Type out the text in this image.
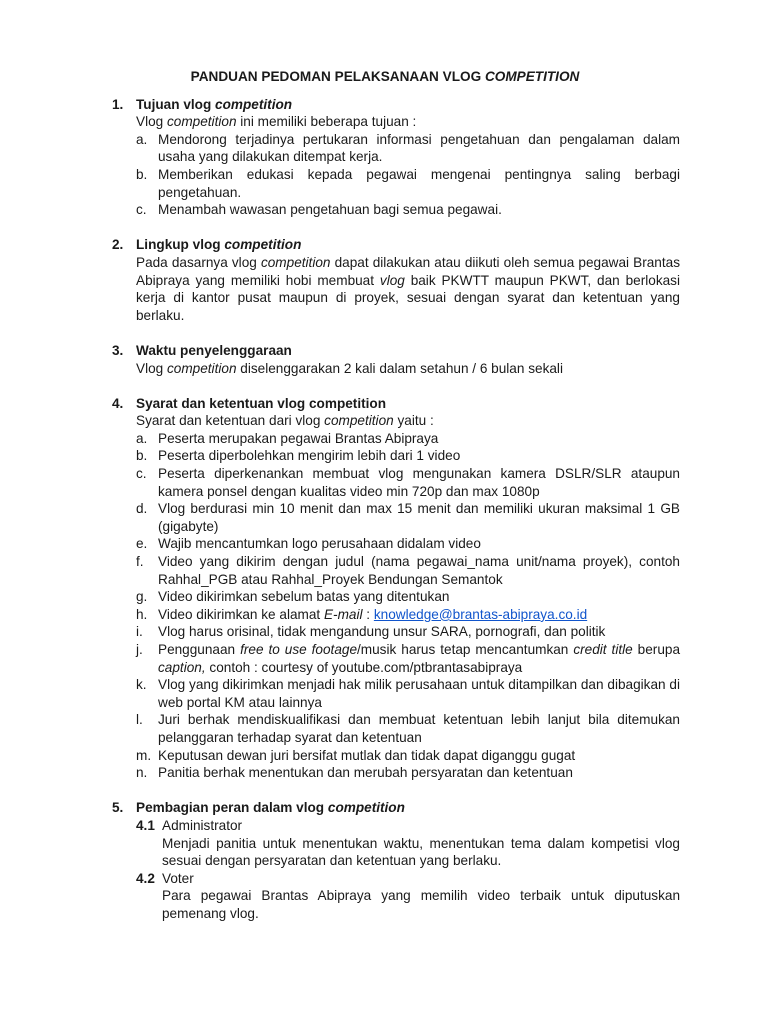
PANDUAN PEDOMAN PELAKSANAAN VLOG COMPETITION
1. Tujuan vlog competition
Vlog competition ini memiliki beberapa tujuan :
a. Mendorong terjadinya pertukaran informasi pengetahuan dan pengalaman dalam usaha yang dilakukan ditempat kerja.
b. Memberikan edukasi kepada pegawai mengenai pentingnya saling berbagi pengetahuan.
c. Menambah wawasan pengetahuan bagi semua pegawai.
2. Lingkup vlog competition
Pada dasarnya vlog competition dapat dilakukan atau diikuti oleh semua pegawai Brantas Abipraya yang memiliki hobi membuat vlog baik PKWTT maupun PKWT, dan berlokasi kerja di kantor pusat maupun di proyek, sesuai dengan syarat dan ketentuan yang berlaku.
3. Waktu penyelenggaraan
Vlog competition diselenggarakan 2 kali dalam setahun / 6 bulan sekali
4. Syarat dan ketentuan vlog competition
Syarat dan ketentuan dari vlog competition yaitu :
a. Peserta merupakan pegawai Brantas Abipraya
b. Peserta diperbolehkan mengirim lebih dari 1 video
c. Peserta diperkenankan membuat vlog mengunakan kamera DSLR/SLR ataupun kamera ponsel dengan kualitas video min 720p dan max 1080p
d. Vlog berdurasi min 10 menit dan max 15 menit dan memiliki ukuran maksimal 1 GB (gigabyte)
e. Wajib mencantumkan logo perusahaan didalam video
f.	Video yang dikirim dengan judul (nama pegawai_nama unit/nama proyek), contoh Rahhal_PGB atau Rahhal_Proyek Bendungan Semantok
g. Video dikirimkan sebelum batas yang ditentukan
h. Video dikirimkan ke alamat E-mail : knowledge@brantas-abipraya.co.id
i.	Vlog harus orisinal, tidak mengandung unsur SARA, pornografi, dan politik
j.	Penggunaan free to use footage/musik harus tetap mencantumkan credit title berupa caption, contoh : courtesy of youtube.com/ptbrantasabipraya
k. Vlog yang dikirimkan menjadi hak milik perusahaan untuk ditampilkan dan dibagikan di web portal KM atau lainnya
l.	Juri berhak mendiskualifikasi dan membuat ketentuan lebih lanjut bila ditemukan pelanggaran terhadap syarat dan ketentuan
m. Keputusan dewan juri bersifat mutlak dan tidak dapat diganggu gugat
n. Panitia berhak menentukan dan merubah persyaratan dan ketentuan
5. Pembagian peran dalam vlog competition
4.1 Administrator
Menjadi panitia untuk menentukan waktu, menentukan tema dalam kompetisi vlog sesuai dengan persyaratan dan ketentuan yang berlaku.
4.2 Voter
Para pegawai Brantas Abipraya yang memilih video terbaik untuk diputuskan pemenang vlog.
